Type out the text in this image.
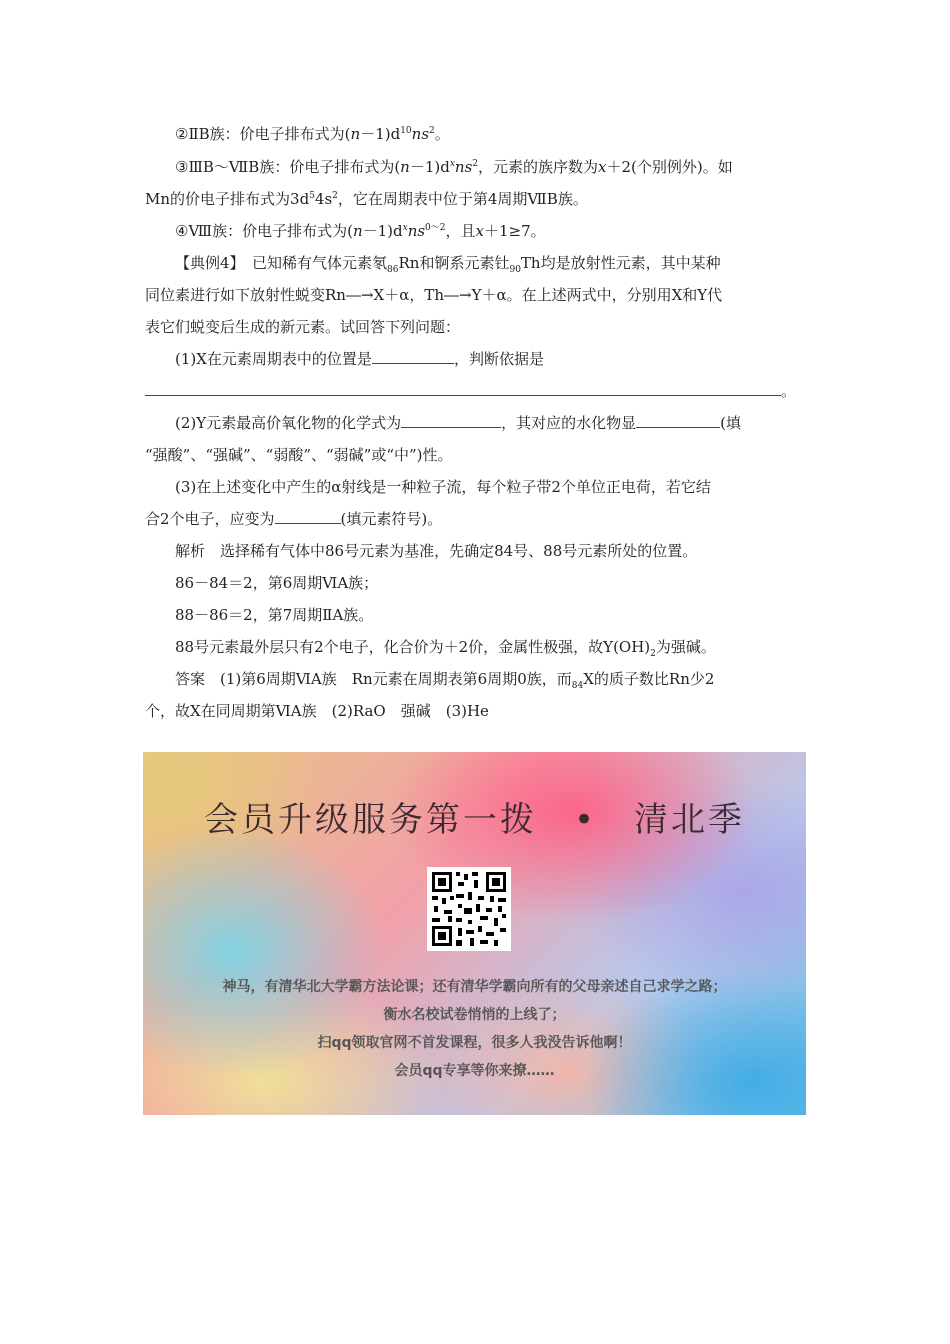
②ⅡB族：价电子排布式为$(n-1)d^{10}ns^2$。
③ⅢB～ⅦB族：价电子排布式为$(n-1)d^xns^2$，元素的族序数为x＋2(个别例外)。如
Mn的价电子排布式为$3d^54s^2$，它在周期表中位于第4周期ⅦB族。
④Ⅷ族：价电子排布式为$(n-1)d^xns^{0\sim 2}$，且x＋1≥7。
【典例4】　已知稀有气体元素氡$_{86}$Rn和锕系元素钍$_{90}$Th均是放射性元素，其中某种
同位素进行如下放射性蜕变Rn―→X＋α，Th―→Y＋α。在上述两式中，分别用X和Y代
表它们蜕变后生成的新元素。试回答下列问题：
(1)X在元素周期表中的位置是	，判断依据是
。
(2)Y元素最高价氧化物的化学式为	，其对应的水化物显	(填
“强酸”、“强碱”、“弱酸”、“弱碱”或“中”)性。
(3)在上述变化中产生的α射线是一种粒子流，每个粒子带2个单位正电荷，若它结
合2个电子，应变为	(填元素符号)。
解析　选择稀有气体中86号元素为基准，先确定84号、88号元素所处的位置。
86－84＝2，第6周期ⅥA族；
88－86＝2，第7周期ⅡA族。
88号元素最外层只有2个电子，化合价为＋2价，金属性极强，故$Y(OH)_2$为强碱。
答案　(1)第6周期ⅥA族　Rn元素在周期表第6周期0族，而$_{84}$X的质子数比Rn少2
个，故X在同周期第ⅥA族　(2)RaO　强碱　(3)He
会员升级服务第一拨　•　清北季
神马，有清华北大学霸方法论课；还有清华学霸向所有的父母亲述自己求学之路；
衡水名校试卷悄悄的上线了；
扫qq领取官网不首发课程，很多人我没告诉他啊！
会员qq专享等你来撩……
